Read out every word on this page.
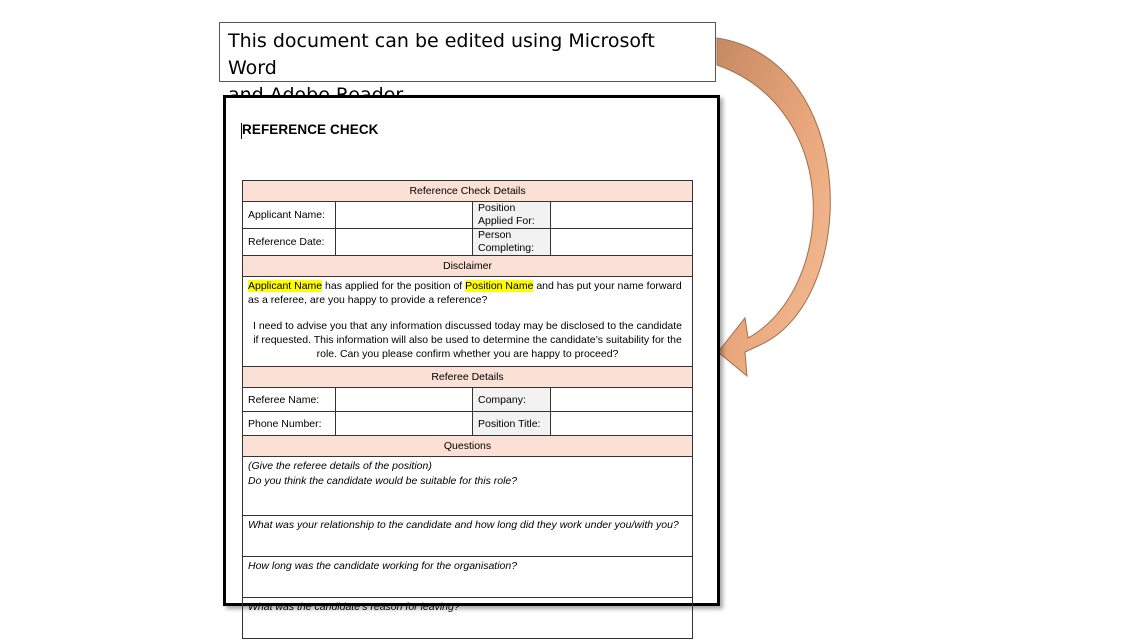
This document can be edited using Microsoft Word
REFERENCE CHECK
Reference Check Details			
Applicant Name:		Position
Applied For:	

Reference Date:		Person
Completing:	

Disclaimer			

Applicant Name has applied for the position of Position Name and has put your name forward as a referee, are you happy to provide a reference?
I need to advise you that any information discussed today may be disclosed to the candidate if requested. This information will also be used to determine the candidate’s suitability for the role. Can you please confirm whether you are happy to proceed?			

Referee Details			
Referee Name:		Company:	
Phone Number:		Position Title:	
Questions			

(Give the referee details of the position)
Do you think the candidate would be suitable for this role?			

What was your relationship to the candidate and how long did they work under you/with you?			
How long was the candidate working for the organisation?			
What was the candidate’s reason for leaving?			
